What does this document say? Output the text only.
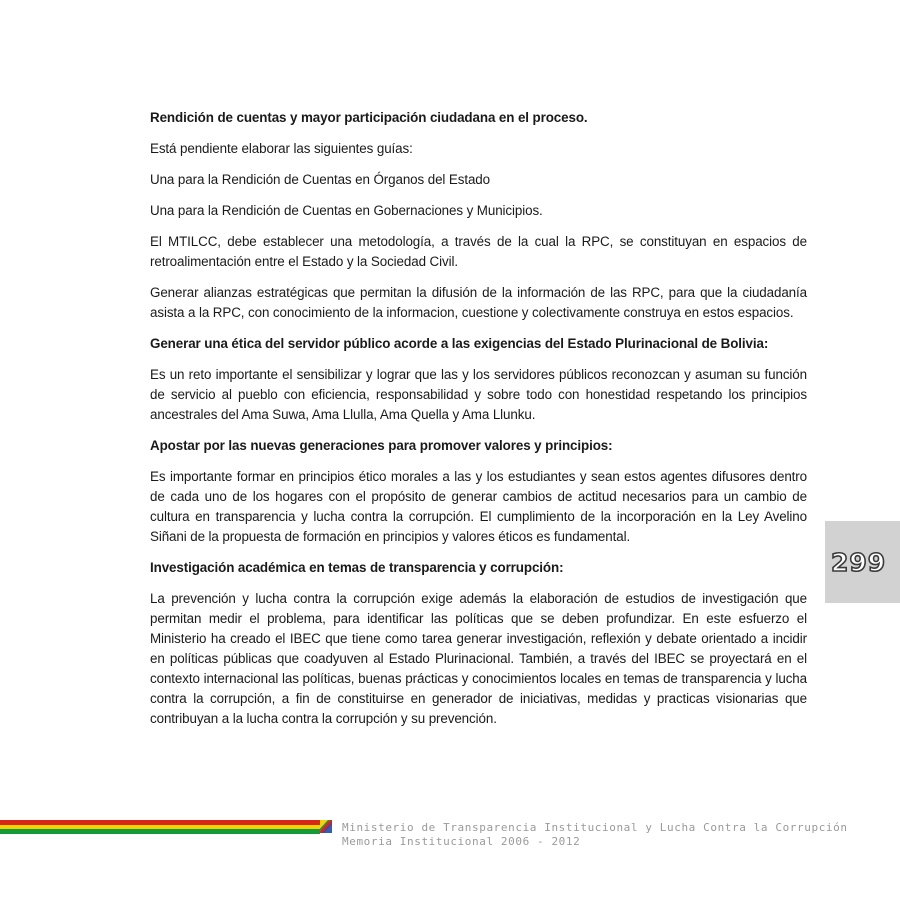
Rendición de cuentas y mayor participación ciudadana en el proceso.

Está pendiente elaborar las siguientes guías:

Una para la Rendición de Cuentas en Órganos del Estado

Una para la Rendición de Cuentas en Gobernaciones y Municipios.

El MTILCC, debe establecer una metodología, a través de la cual la RPC, se constituyan en espacios de retroalimentación entre el Estado y la Sociedad Civil.

Generar alianzas estratégicas que permitan la difusión de la información de las RPC, para que la ciudadanía asista a la RPC, con conocimiento de la informacion, cuestione y colectivamente construya en estos espacios.

Generar una ética del servidor público acorde a las exigencias del Estado Plurinacional de Bolivia:

Es un reto importante el sensibilizar y lograr que las y los servidores públicos reconozcan y asuman su función de servicio al pueblo con eficiencia, responsabilidad y sobre todo con honestidad respetando los principios ancestrales del Ama Suwa, Ama Llulla, Ama Quella y Ama Llunku.

Apostar por las nuevas generaciones para promover valores y principios:

Es importante formar en principios ético morales a las y los estudiantes y sean estos agentes difusores dentro de cada uno de los hogares con el propósito de generar cambios de actitud necesarios para un cambio de cultura en transparencia y lucha contra la corrupción. El cumplimiento de la incorporación en la Ley Avelino Siñani de la propuesta de formación en principios y valores éticos es fundamental.

Investigación académica en temas de transparencia y corrupción:

La prevención y lucha contra la corrupción exige además la elaboración de estudios de investigación que permitan medir el problema, para identificar las políticas que se deben profundizar. En este esfuerzo el Ministerio ha creado el IBEC que tiene como tarea generar investigación, reflexión y debate orientado a incidir en políticas públicas que coadyuven al Estado Plurinacional. También, a través del IBEC se proyectará en el contexto internacional las políticas, buenas prácticas y conocimientos locales en temas de transparencia y lucha contra la corrupción, a fin de constituirse en generador de iniciativas, medidas y practicas visionarias que contribuyan a la lucha contra la corrupción y su prevención.

299
Ministerio de Transparencia Institucional y Lucha Contra la Corrupción
Memoria Institucional 2006 - 2012
